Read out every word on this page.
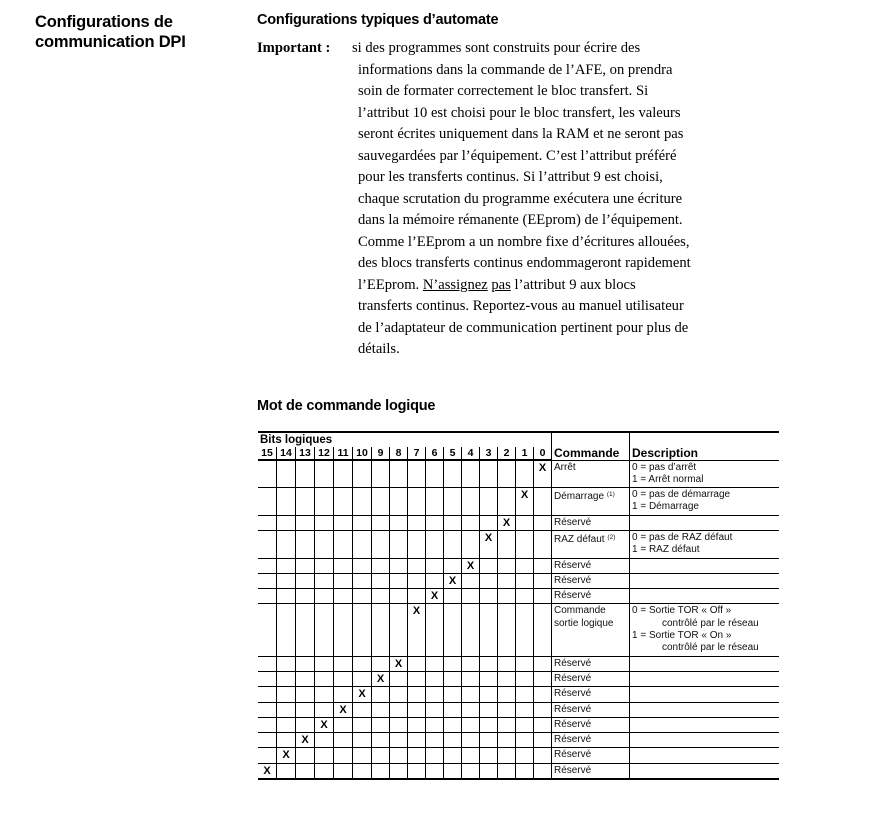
Configurations de
communication DPI
Configurations typiques d’automate
Important : si des programmes sont construits pour écrire des
informations dans la commande de l’AFE, on prendra
soin de formater correctement le bloc transfert. Si
l’attribut 10 est choisi pour le bloc transfert, les valeurs
seront écrites uniquement dans la RAM et ne seront pas
sauvegardées par l’équipement. C’est l’attribut préféré
pour les transferts continus. Si l’attribut 9 est choisi,
chaque scrutation du programme exécutera une écriture
dans la mémoire rémanente (EEprom) de l’équipement.
Comme l’EEprom a un nombre fixe d’écritures allouées,
des blocs transferts continus endommageront rapidement
l’EEprom. N’assignez pas l’attribut 9 aux blocs
transferts continus. Reportez-vous au manuel utilisateur
de l’adaptateur de communication pertinent pour plus de
détails.
Mot de commande logique
Bits logiques																Commande	Description
15	14	13	12	11	10	9	8	7	6	5	4	3	2	1	0		
															X	Arrêt	0 = pas d’arrêt
1 = Arrêt normal

														X		Démarrage $^{(1)}$	0 = pas de démarrage
1 = Démarrage

													X			Réservé	
												X				RAZ défaut $^{(2)}$	0 = pas de RAZ défaut
1 = RAZ défaut

											X					Réservé	
										X						Réservé	
									X							Réservé	
								X								Commande
sortie logique	0 = Sortie TOR « Off »
contrôlé par le réseau
1 = Sortie TOR « On »
contrôlé par le réseau

							X									Réservé	
						X										Réservé	
					X											Réservé	
				X												Réservé	
			X													Réservé	
		X														Réservé	
	X															Réservé	
X																Réservé	
